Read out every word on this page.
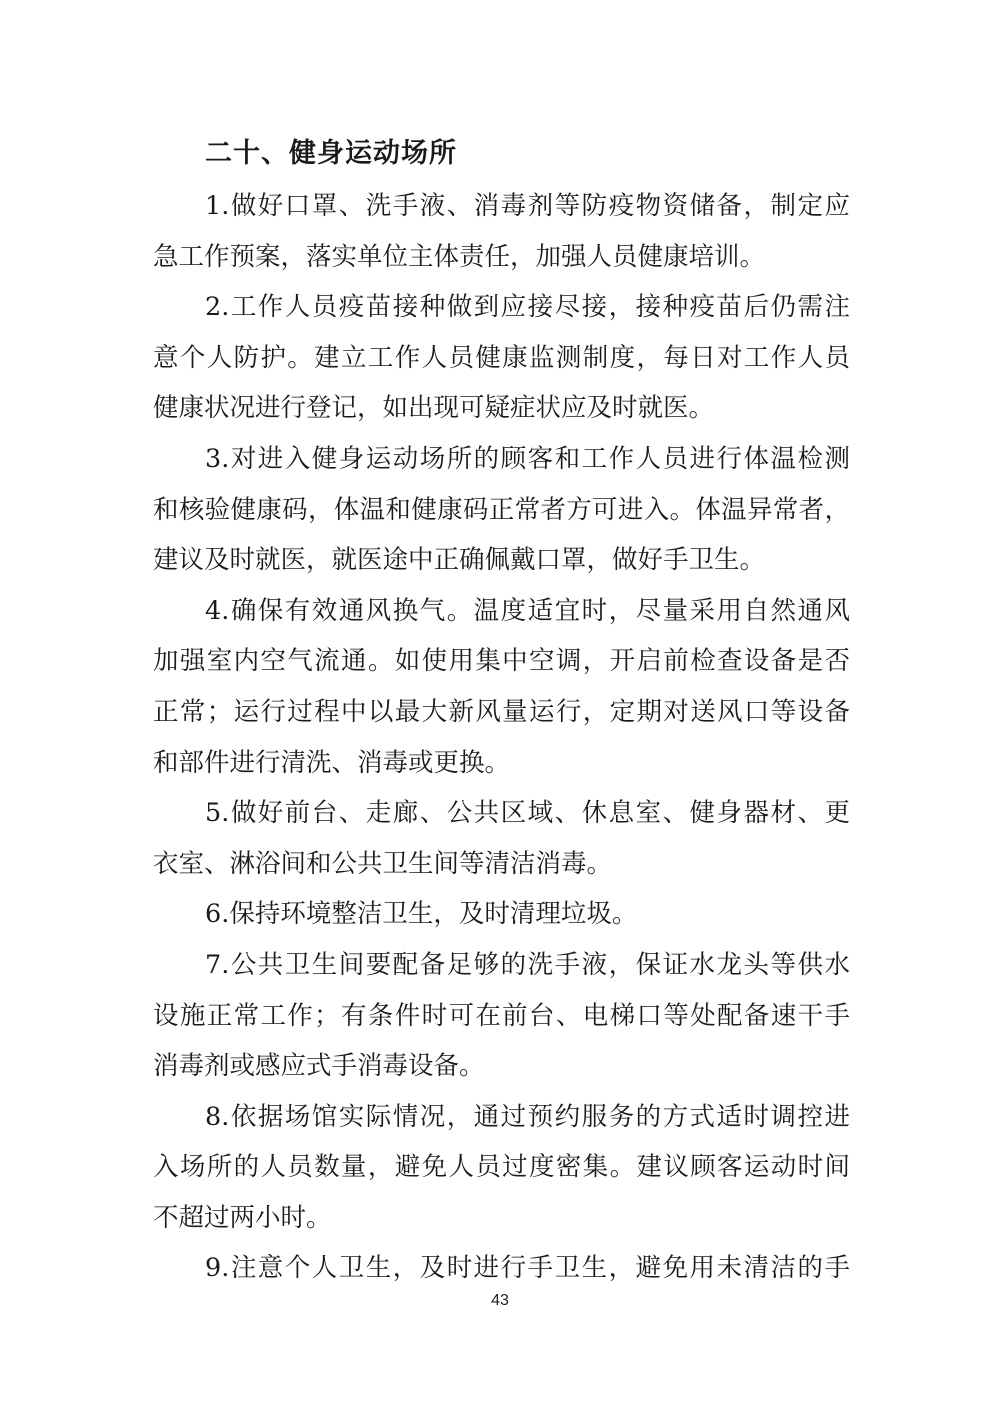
二十、健身运动场所
1.做好口罩、洗手液、消毒剂等防疫物资储备，制定应
急工作预案，落实单位主体责任，加强人员健康培训。
2.工作人员疫苗接种做到应接尽接，接种疫苗后仍需注
意个人防护。建立工作人员健康监测制度，每日对工作人员
健康状况进行登记，如出现可疑症状应及时就医。
3.对进入健身运动场所的顾客和工作人员进行体温检测
和核验健康码，体温和健康码正常者方可进入。体温异常者，
建议及时就医，就医途中正确佩戴口罩，做好手卫生。
4.确保有效通风换气。温度适宜时，尽量采用自然通风
加强室内空气流通。如使用集中空调，开启前检查设备是否
正常；运行过程中以最大新风量运行，定期对送风口等设备
和部件进行清洗、消毒或更换。
5.做好前台、走廊、公共区域、休息室、健身器材、更
衣室、淋浴间和公共卫生间等清洁消毒。
6.保持环境整洁卫生，及时清理垃圾。
7.公共卫生间要配备足够的洗手液，保证水龙头等供水
设施正常工作；有条件时可在前台、电梯口等处配备速干手
消毒剂或感应式手消毒设备。
8.依据场馆实际情况，通过预约服务的方式适时调控进
入场所的人员数量，避免人员过度密集。建议顾客运动时间
不超过两小时。
9.注意个人卫生，及时进行手卫生，避免用未清洁的手
43
